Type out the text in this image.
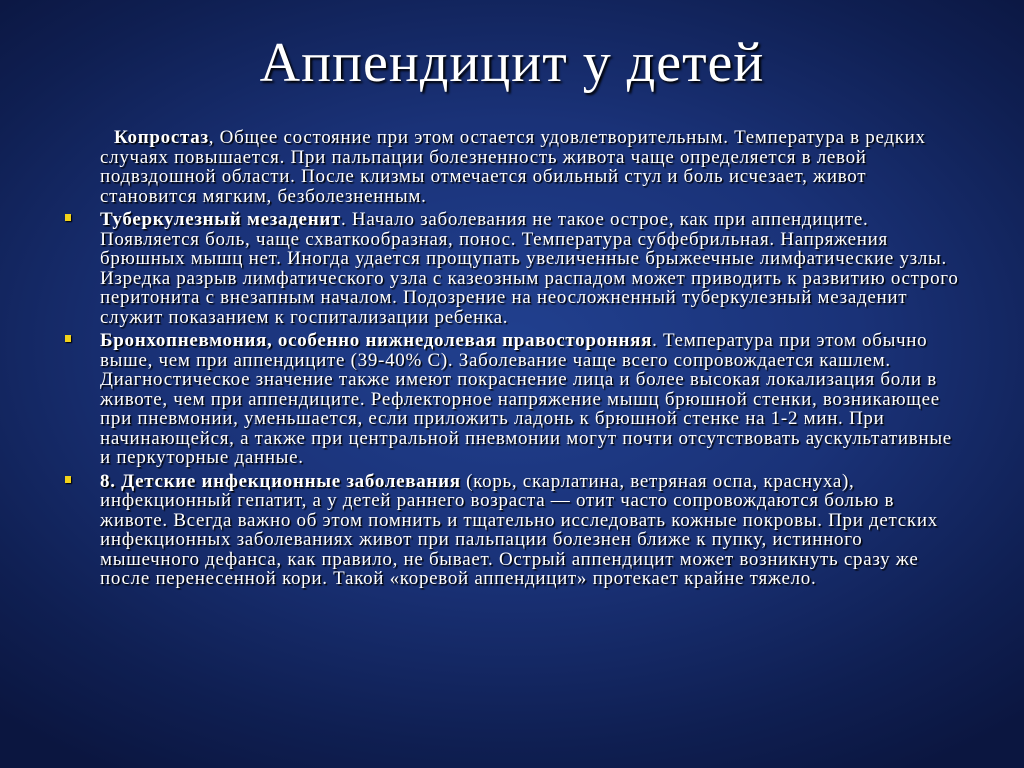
Аппендицит у детей

Копростаз, Общее состояние при этом остается удовлетворительным. Температура в редких случаях повышается. При пальпации болезненность живота чаще определяется в левой подвздошной области. После клизмы отмечается обильный стул и боль исчезает, живот становится мягким, безболезненным.

Туберкулезный мезаденит. Начало заболевания не такое острое, как при аппендиците. Появляется боль, чаще схваткообразная, понос. Температура субфебрильная. Напряжения брюшных мышц нет. Иногда удается прощупать увеличенные брыжеечные лимфатические узлы. Изредка разрыв лимфатического узла с казеозным распадом может приводить к развитию острого перитонита с внезапным началом. Подозрение на неосложненный туберкулезный мезаденит служит показанием к госпитализации ребенка.

Бронхопневмония, особенно нижнедолевая правосторонняя. Температура при этом обычно выше, чем при аппендиците (39-40% С). Заболевание чаще всего сопровождается кашлем. Диагностическое значение также имеют покраснение лица и более высокая локализация боли в животе, чем при аппендиците. Рефлекторное напряжение мышц брюшной стенки, возникающее при пневмонии, уменьшается, если приложить ладонь к брюшной стенке на 1-2 мин. При начинающейся, а также при центральной пневмонии могут почти отсутствовать аускультативные и перкуторные данные.

8. Детские инфекционные заболевания (корь, скарлатина, ветряная оспа, краснуха), инфекционный гепатит, а у детей раннего возраста — отит часто сопровождаются болью в животе. Всегда важно об этом помнить и тщательно исследовать кожные покровы. При детских инфекционных заболеваниях живот при пальпации болезнен ближе к пупку, истинного мышечного дефанса, как правило, не бывает. Острый аппендицит может возникнуть сразу же после перенесенной кори. Такой «коревой аппендицит» протекает крайне тяжело.
